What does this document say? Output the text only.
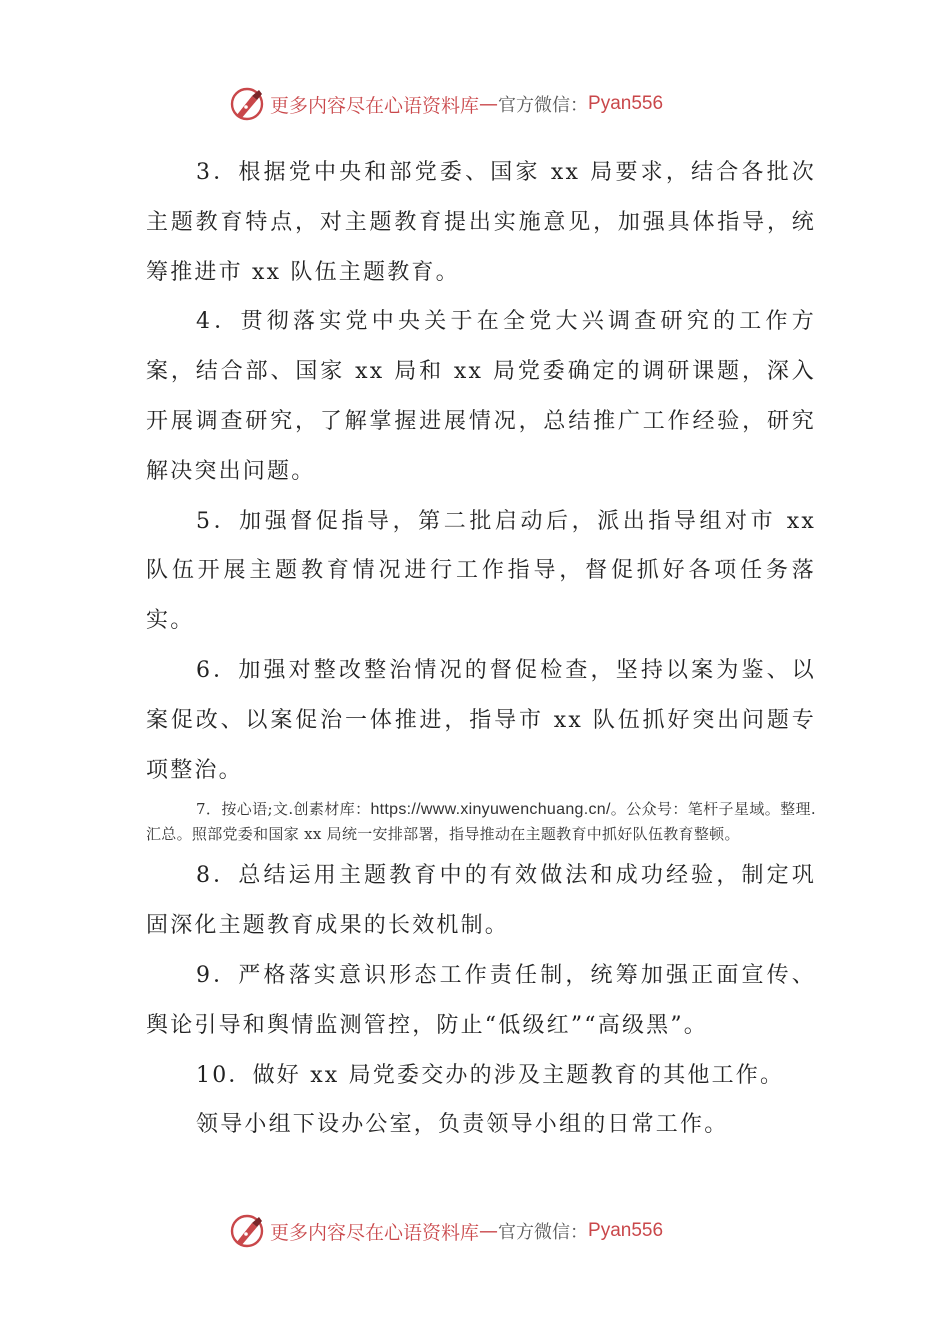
更多内容尽在心语资料库 — 官方微信： Pyan556

3．根据党中央和部党委、国家 xx 局要求，结合各批次主题教育特点，对主题教育提出实施意见，加强具体指导，统筹推进市 xx 队伍主题教育。

4．贯彻落实党中央关于在全党大兴调查研究的工作方案，结合部、国家 xx 局和 xx 局党委确定的调研课题，深入开展调查研究，了解掌握进展情况，总结推广工作经验，研究解决突出问题。

5．加强督促指导，第二批启动后，派出指导组对市 xx 队伍开展主题教育情况进行工作指导，督促抓好各项任务落实。

6．加强对整改整治情况的督促检查，坚持以案为鉴、以案促改、以案促治一体推进，指导市 xx 队伍抓好突出问题专项整治。

7．按心语;文.创素材库：https://www.xinyuwenchuang.cn/。公众号：笔杆子星域。整理.汇总。照部党委和国家 xx 局统一安排部署，指导推动在主题教育中抓好队伍教育整顿。

8．总结运用主题教育中的有效做法和成功经验，制定巩固深化主题教育成果的长效机制。

9．严格落实意识形态工作责任制，统筹加强正面宣传、舆论引导和舆情监测管控，防止“低级红”“高级黑”。

10．做好 xx 局党委交办的涉及主题教育的其他工作。

领导小组下设办公室，负责领导小组的日常工作。

更多内容尽在心语资料库 — 官方微信： Pyan556
